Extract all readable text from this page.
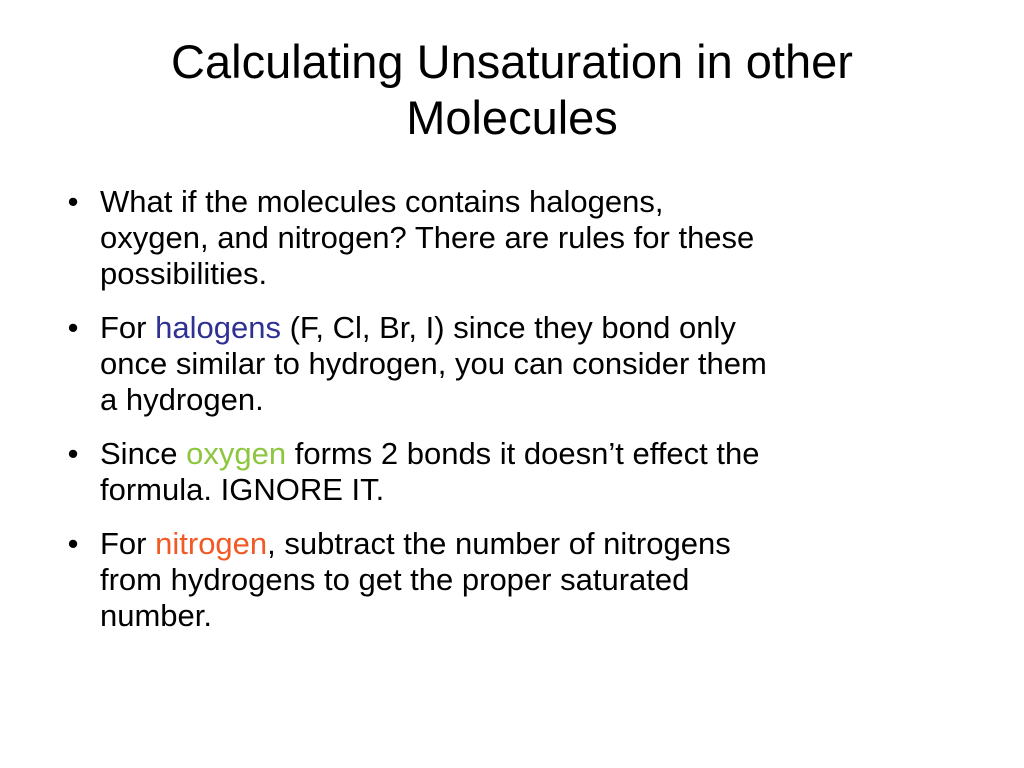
Calculating Unsaturation in other
Molecules
• What if the molecules contains halogens,
oxygen, and nitrogen? There are rules for these
possibilities.
• For halogens (F, Cl, Br, I) since they bond only
once similar to hydrogen, you can consider them
a hydrogen.
• Since oxygen forms 2 bonds it doesn’t effect the
formula. IGNORE IT.
• For nitrogen, subtract the number of nitrogens
from hydrogens to get the proper saturated
number.
